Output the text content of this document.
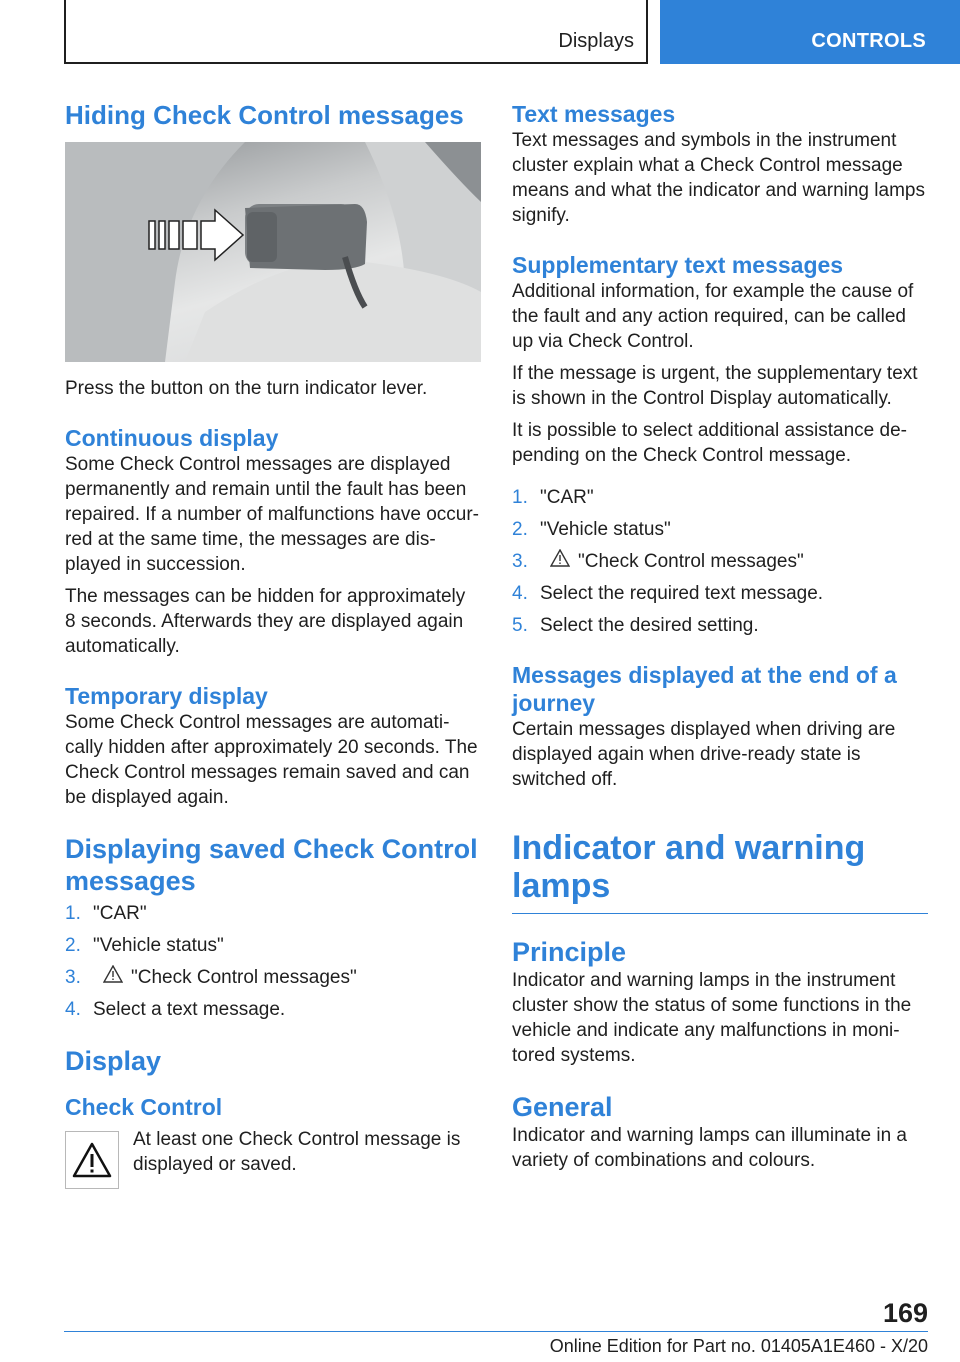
Displays	CONTROLS
Hiding Check Control messages

Press the button on the turn indicator lever.

Continuous display

Some Check Control messages are displayed permanently and remain until the fault has been repaired. If a number of malfunctions have occurred at the same time, the messages are displayed in succession.

The messages can be hidden for approximately 8 seconds. Afterwards they are displayed again automatically.

Temporary display

Some Check Control messages are automatically hidden after approximately 20 seconds. The Check Control messages remain saved and can be displayed again.

Displaying saved Check Control messages
1. "CAR"
2. "Vehicle status"
3.	"Check Control messages"
4. Select a text message.
Display
Check Control

At least one Check Control message is displayed or saved.

Text messages

Text messages and symbols in the instrument cluster explain what a Check Control message means and what the indicator and warning lamps signify.

Supplementary text messages

Additional information, for example the cause of the fault and any action required, can be called up via Check Control.

If the message is urgent, the supplementary text is shown in the Control Display automatically.

It is possible to select additional assistance depending on the Check Control message.

1. "CAR"
2. "Vehicle status"
3.	"Check Control messages"
4. Select the required text message.
5. Select the desired setting.
Messages displayed at the end of a journey

Certain messages displayed when driving are displayed again when drive-ready state is switched off.

Indicator and warning lamps
Principle

Indicator and warning lamps in the instrument cluster show the status of some functions in the vehicle and indicate any malfunctions in monitored systems.

General

Indicator and warning lamps can illuminate in a variety of combinations and colours.

169
Online Edition for Part no. 01405A1E460 - X/20
